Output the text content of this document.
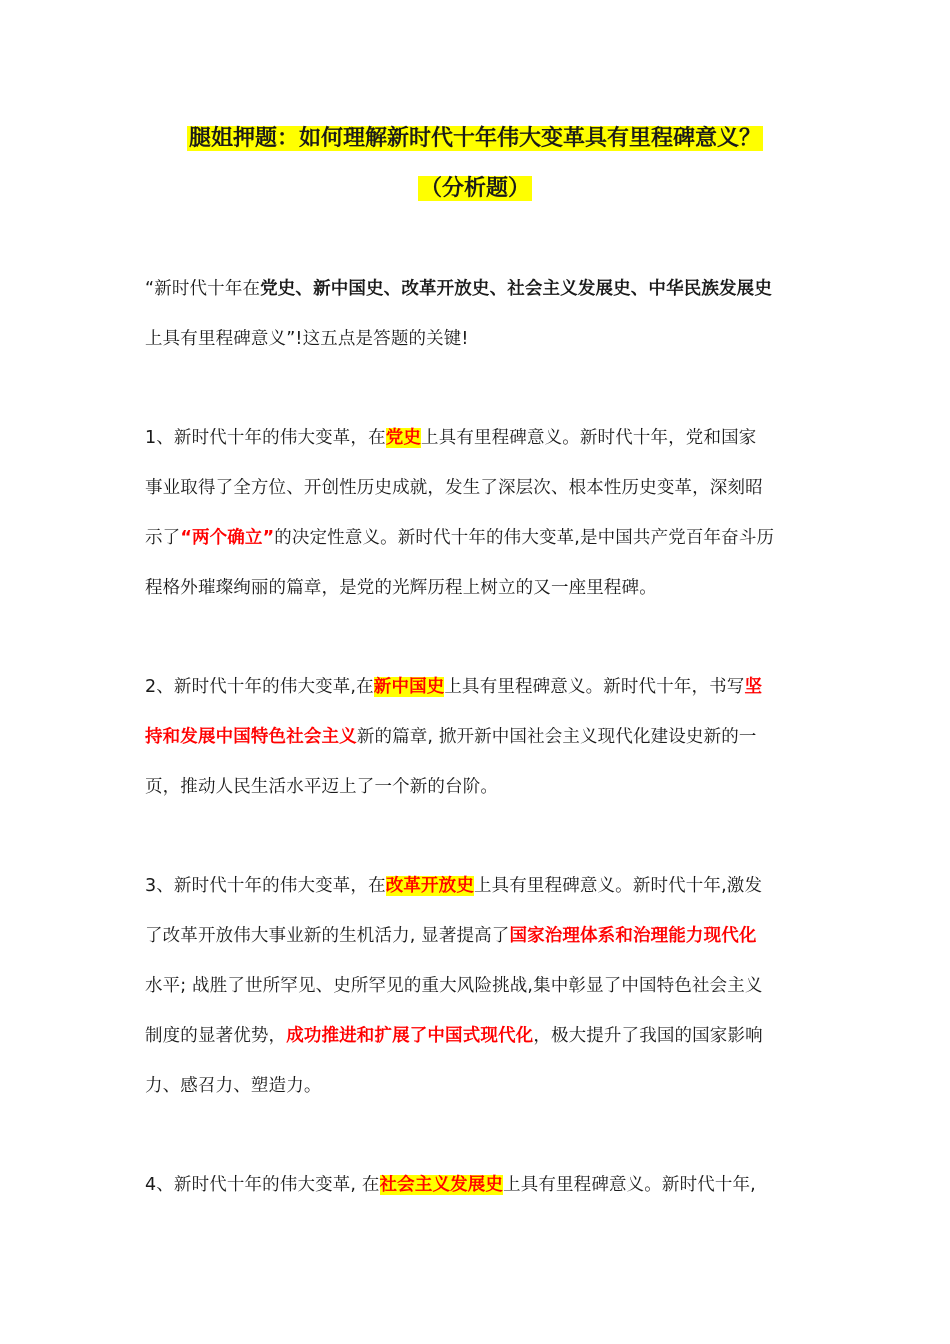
腿姐押题：如何理解新时代十年伟大变革具有里程碑意义？
（分析题）
“新时代十年在党史、新中国史、改革开放史、社会主义发展史、中华民族发展史
上具有里程碑意义”!这五点是答题的关键!
1、新时代十年的伟大变革，在党史上具有里程碑意义。新时代十年，党和国家
事业取得了全方位、开创性历史成就，发生了深层次、根本性历史变革，深刻昭
示了“两个确立”的决定性意义。新时代十年的伟大变革,是中国共产党百年奋斗历
程格外璀璨绚丽的篇章，是党的光辉历程上树立的又一座里程碑。
2、新时代十年的伟大变革,在新中国史上具有里程碑意义。新时代十年，书写坚
持和发展中国特色社会主义新的篇章, 掀开新中国社会主义现代化建设史新的一
页，推动人民生活水平迈上了一个新的台阶。
3、新时代十年的伟大变革，在改革开放史上具有里程碑意义。新时代十年,激发
了改革开放伟大事业新的生机活力, 显著提高了国家治理体系和治理能力现代化
水平; 战胜了世所罕见、史所罕见的重大风险挑战,集中彰显了中国特色社会主义
制度的显著优势，成功推进和扩展了中国式现代化，极大提升了我国的国家影响
力、感召力、塑造力。
4、新时代十年的伟大变革, 在社会主义发展史上具有里程碑意义。新时代十年,
